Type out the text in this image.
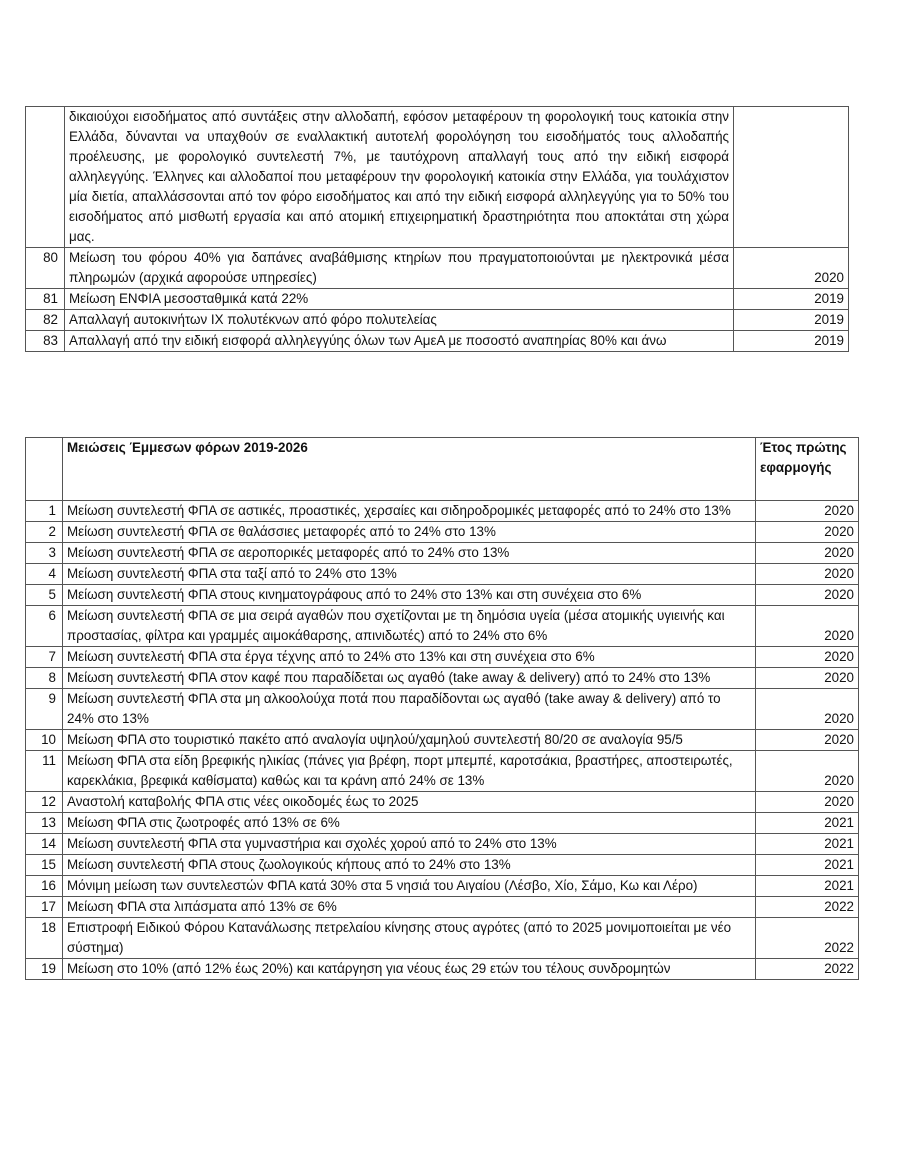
	δικαιούχοι εισοδήματος από συντάξεις στην αλλοδαπή, εφόσον μεταφέρουν τη φορολογική τους κατοικία στην Ελλάδα, δύνανται να υπαχθούν σε εναλλακτική αυτοτελή φορολόγηση του εισοδήματός τους αλλοδαπής προέλευσης, με φορολογικό συντελεστή 7%, με ταυτόχρονη απαλλαγή τους από την ειδική εισφορά αλληλεγγύης. Έλληνες και αλλοδαποί που μεταφέρουν την φορολογική κατοικία στην Ελλάδα, για τουλάχιστον μία διετία, απαλλάσσονται από τον φόρο εισοδήματος και από την ειδική εισφορά αλληλεγγύης για το 50% του εισοδήματος από μισθωτή εργασία και από ατομική επιχειρηματική δραστηριότητα που αποκτάται στη χώρα μας.	
80	Μείωση του φόρου 40% για δαπάνες αναβάθμισης κτηρίων που πραγματοποιούνται με ηλεκτρονικά μέσα πληρωμών (αρχικά αφορούσε υπηρεσίες)	2020
81	Μείωση ΕΝΦΙΑ μεσοσταθμικά κατά 22%	2019
82	Απαλλαγή αυτοκινήτων ΙΧ πολυτέκνων από φόρο πολυτελείας	2019
83	Απαλλαγή από την ειδική εισφορά αλληλεγγύης όλων των ΑμεΑ με ποσοστό αναπηρίας 80% και άνω	2019
	Μειώσεις Έμμεσων φόρων 2019-2026	Έτος πρώτης εφαρμογής
1	Μείωση συντελεστή ΦΠΑ σε αστικές, προαστικές, χερσαίες και σιδηροδρομικές μεταφορές από το 24% στο 13%	2020
2	Μείωση συντελεστή ΦΠΑ σε θαλάσσιες μεταφορές από το 24% στο 13%	2020
3	Μείωση συντελεστή ΦΠΑ σε αεροπορικές μεταφορές από το 24% στο 13%	2020
4	Μείωση συντελεστή ΦΠΑ στα ταξί από το 24% στο 13%	2020
5	Μείωση συντελεστή ΦΠΑ στους κινηματογράφους από το 24% στο 13% και στη συνέχεια στο 6%	2020
6	Μείωση συντελεστή ΦΠΑ σε μια σειρά αγαθών που σχετίζονται με τη δημόσια υγεία (μέσα ατομικής υγιεινής και προστασίας, φίλτρα και γραμμές αιμοκάθαρσης, απινιδωτές) από το 24% στο 6%	2020
7	Μείωση συντελεστή ΦΠΑ στα έργα τέχνης από το 24% στο 13% και στη συνέχεια στο 6%	2020
8	Μείωση συντελεστή ΦΠΑ στον καφέ που παραδίδεται ως αγαθό (take away & delivery) από το 24% στο 13%	2020
9	Μείωση συντελεστή ΦΠΑ στα μη αλκοολούχα ποτά που παραδίδονται ως αγαθό (take away & delivery) από το 24% στο 13%	2020
10	Μείωση ΦΠΑ στο τουριστικό πακέτο από αναλογία υψηλού/χαμηλού συντελεστή 80/20 σε αναλογία 95/5	2020
11	Μείωση ΦΠΑ στα είδη βρεφικής ηλικίας (πάνες για βρέφη, πορτ μπεμπέ, καροτσάκια, βραστήρες, αποστειρωτές, καρεκλάκια, βρεφικά καθίσματα) καθώς και τα κράνη από 24% σε 13%	2020
12	Αναστολή καταβολής ΦΠΑ στις νέες οικοδομές έως το 2025	2020
13	Μείωση ΦΠΑ στις ζωοτροφές από 13% σε 6%	2021
14	Μείωση συντελεστή ΦΠΑ στα γυμναστήρια και σχολές χορού από το 24% στο 13%	2021
15	Μείωση συντελεστή ΦΠΑ στους ζωολογικούς κήπους από το 24% στο 13%	2021
16	Μόνιμη μείωση των συντελεστών ΦΠΑ κατά 30% στα 5 νησιά του Αιγαίου (Λέσβο, Χίο, Σάμο, Κω και Λέρο)	2021
17	Μείωση ΦΠΑ στα λιπάσματα από 13% σε 6%	2022
18	Επιστροφή Ειδικού Φόρου Κατανάλωσης πετρελαίου κίνησης στους αγρότες (από το 2025 μονιμοποιείται με νέο σύστημα)	2022
19	Μείωση στο 10% (από 12% έως 20%) και κατάργηση για νέους έως 29 ετών του τέλους συνδρομητών	2022
